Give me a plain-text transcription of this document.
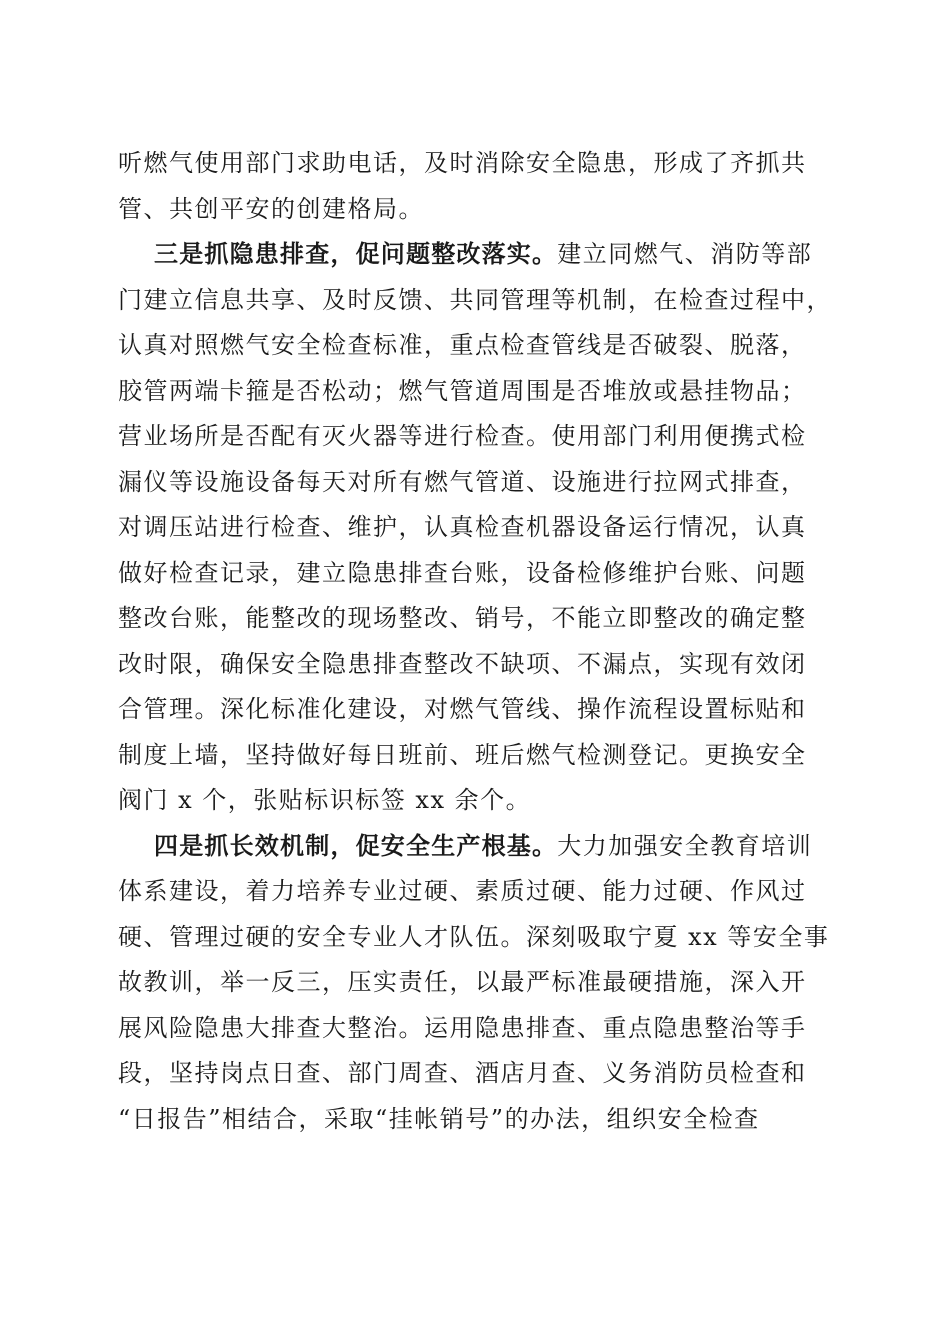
听燃气使用部门求助电话，及时消除安全隐患，形成了齐抓共
管、共创平安的创建格局。
三是抓隐患排查，促问题整改落实。建立同燃气、消防等部
门建立信息共享、及时反馈、共同管理等机制，在检查过程中，
认真对照燃气安全检查标准，重点检查管线是否破裂、脱落，
胶管两端卡箍是否松动；燃气管道周围是否堆放或悬挂物品；
营业场所是否配有灭火器等进行检查。使用部门利用便携式检
漏仪等设施设备每天对所有燃气管道、设施进行拉网式排查，
对调压站进行检查、维护，认真检查机器设备运行情况，认真
做好检查记录，建立隐患排查台账，设备检修维护台账、问题
整改台账，能整改的现场整改、销号，不能立即整改的确定整
改时限，确保安全隐患排查整改不缺项、不漏点，实现有效闭
合管理。深化标准化建设，对燃气管线、操作流程设置标贴和
制度上墙，坚持做好每日班前、班后燃气检测登记。更换安全
阀门 x 个，张贴标识标签 xx 余个。
四是抓长效机制，促安全生产根基。大力加强安全教育培训
体系建设，着力培养专业过硬、素质过硬、能力过硬、作风过
硬、管理过硬的安全专业人才队伍。深刻吸取宁夏 xx 等安全事
故教训，举一反三，压实责任，以最严标准最硬措施，深入开
展风险隐患大排查大整治。运用隐患排查、重点隐患整治等手
段，坚持岗点日查、部门周查、酒店月查、义务消防员检查和
“日报告”相结合，采取“挂帐销号”的办法，组织安全检查
